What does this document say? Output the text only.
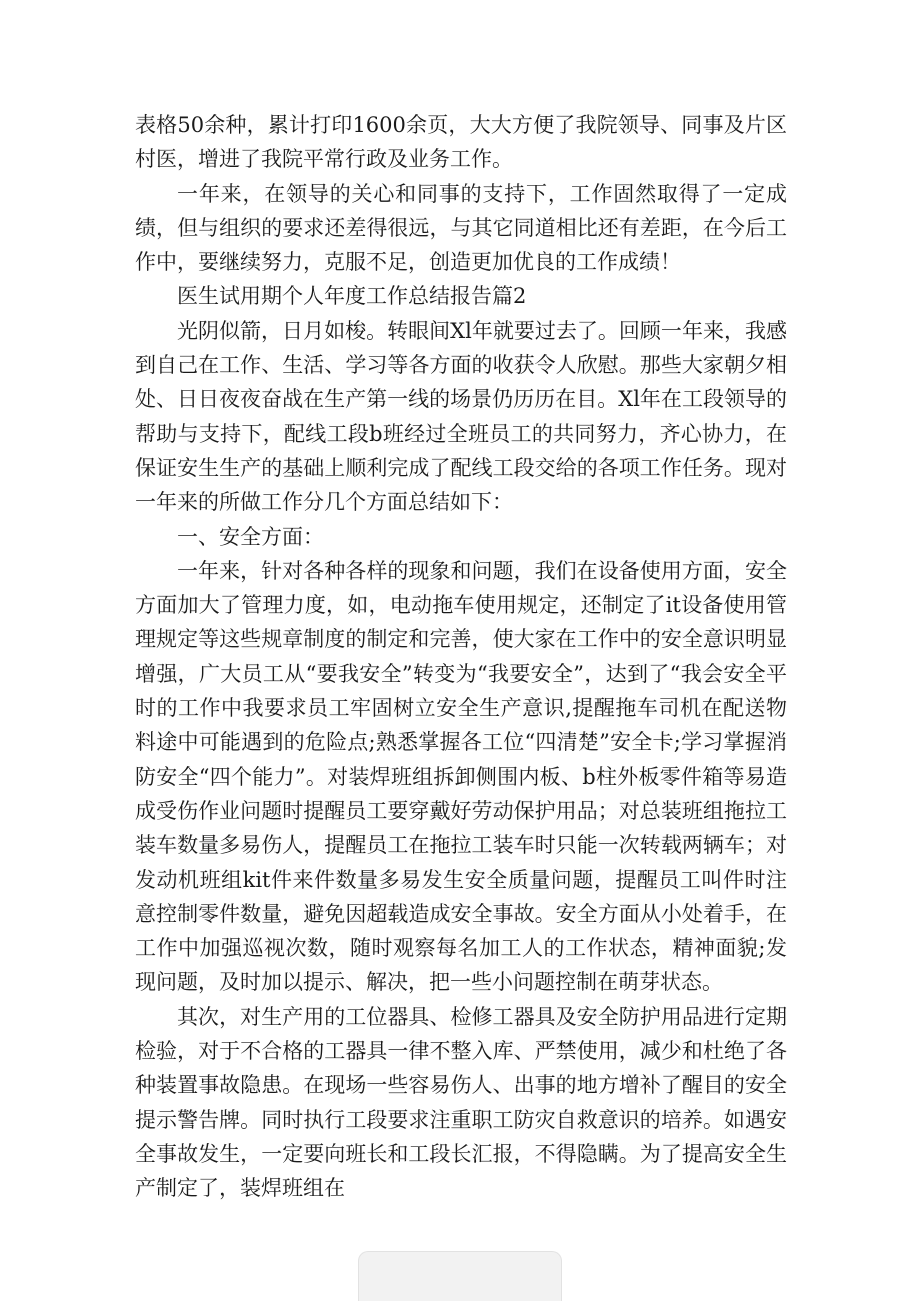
表格50余种，累计打印1600余页，大大方便了我院领导、同事及片区村医，增进了我院平常行政及业务工作。

一年来，在领导的关心和同事的支持下，工作固然取得了一定成绩，但与组织的要求还差得很远，与其它同道相比还有差距，在今后工作中，要继续努力，克服不足，创造更加优良的工作成绩！

医生试用期个人年度工作总结报告篇2

光阴似箭，日月如梭。转眼间Xl年就要过去了。回顾一年来，我感到自己在工作、生活、学习等各方面的收获令人欣慰。那些大家朝夕相处、日日夜夜奋战在生产第一线的场景仍历历在目。Xl年在工段领导的帮助与支持下，配线工段b班经过全班员工的共同努力，齐心协力，在保证安生生产的基础上顺利完成了配线工段交给的各项工作任务。现对一年来的所做工作分几个方面总结如下：

一、安全方面：

一年来，针对各种各样的现象和问题，我们在设备使用方面，安全方面加大了管理力度，如，电动拖车使用规定，还制定了it设备使用管理规定等这些规章制度的制定和完善，使大家在工作中的安全意识明显增强，广大员工从“要我安全”转变为“我要安全”，达到了“我会安全平时的工作中我要求员工牢固树立安全生产意识,提醒拖车司机在配送物料途中可能遇到的危险点;熟悉掌握各工位“四清楚”安全卡;学习掌握消防安全“四个能力”。对装焊班组拆卸侧围内板、b柱外板零件箱等易造成受伤作业问题时提醒员工要穿戴好劳动保护用品；对总装班组拖拉工装车数量多易伤人，提醒员工在拖拉工装车时只能一次转载两辆车；对发动机班组kit件来件数量多易发生安全质量问题，提醒员工叫件时注意控制零件数量，避免因超载造成安全事故。安全方面从小处着手，在工作中加强巡视次数，随时观察每名加工人的工作状态，精神面貌;发现问题，及时加以提示、解决，把一些小问题控制在萌芽状态。

其次，对生产用的工位器具、检修工器具及安全防护用品进行定期检验，对于不合格的工器具一律不整入库、严禁使用，减少和杜绝了各种装置事故隐患。在现场一些容易伤人、出事的地方增补了醒目的安全提示警告牌。同时执行工段要求注重职工防灾自救意识的培养。如遇安全事故发生，一定要向班长和工段长汇报，不得隐瞒。为了提高安全生产制定了，装焊班组在
